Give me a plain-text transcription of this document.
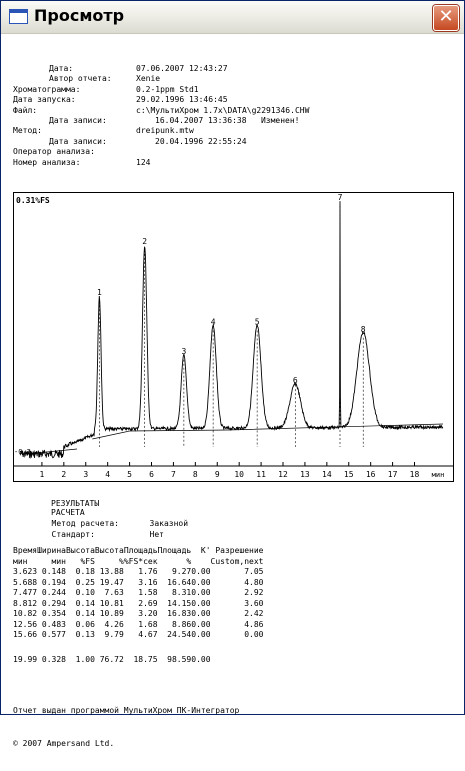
Просмотр	✕
Дата:	07.06.2007 12:43:27
Автор отчета:	Xenie
Хроматограмма:	0.2-1ppm Std1
Дата запуска:	29.02.1996 13:46:45
Файл:	c:\МультиХром 1.7x\DATA\g2291346.CHW
Дата записи:	16.04.2007 13:36:38   Изменен!
Метод:	dreipunk.mtw
Дата записи:	20.04.1996 22:55:24
Оператор анализа:
Номер анализа:	124
1 2 3 4 5 6 7 8 9 10 11 12 13 14 15 16 17 18 мин
0.31%FS
-0.2
1
2
3
4	5
6
7
8
РЕЗУЛЬТАТЫ РАСЧЕТА

Метод расчета:	Заказной

Стандарт:	Нет

Время	Ширина	Высота	Высота	Площадь	Площадь	K'	Разрешение
мин	мин	%FS	%	%FS*сек	%		Custom,next
3.623	0.148	0.18	13.88	1.76	9.27	0.00	7.05
5.688	0.194	0.25	19.47	3.16	16.64	0.00	4.80
7.477	0.244	0.10	7.63	1.58	8.31	0.00	2.92
8.812	0.294	0.14	10.81	2.69	14.15	0.00	3.60
10.82	0.354	0.14	10.89	3.20	16.83	0.00	2.42
12.56	0.483	0.06	4.26	1.68	8.86	0.00	4.86
15.66	0.577	0.13	9.79	4.67	24.54	0.00	0.00
19.99	0.328	1.00	76.72	18.75	98.59	0.00	

Отчет выдан программой МультиХром ПК-Интегратор

© 2007 Ampersand Ltd.
